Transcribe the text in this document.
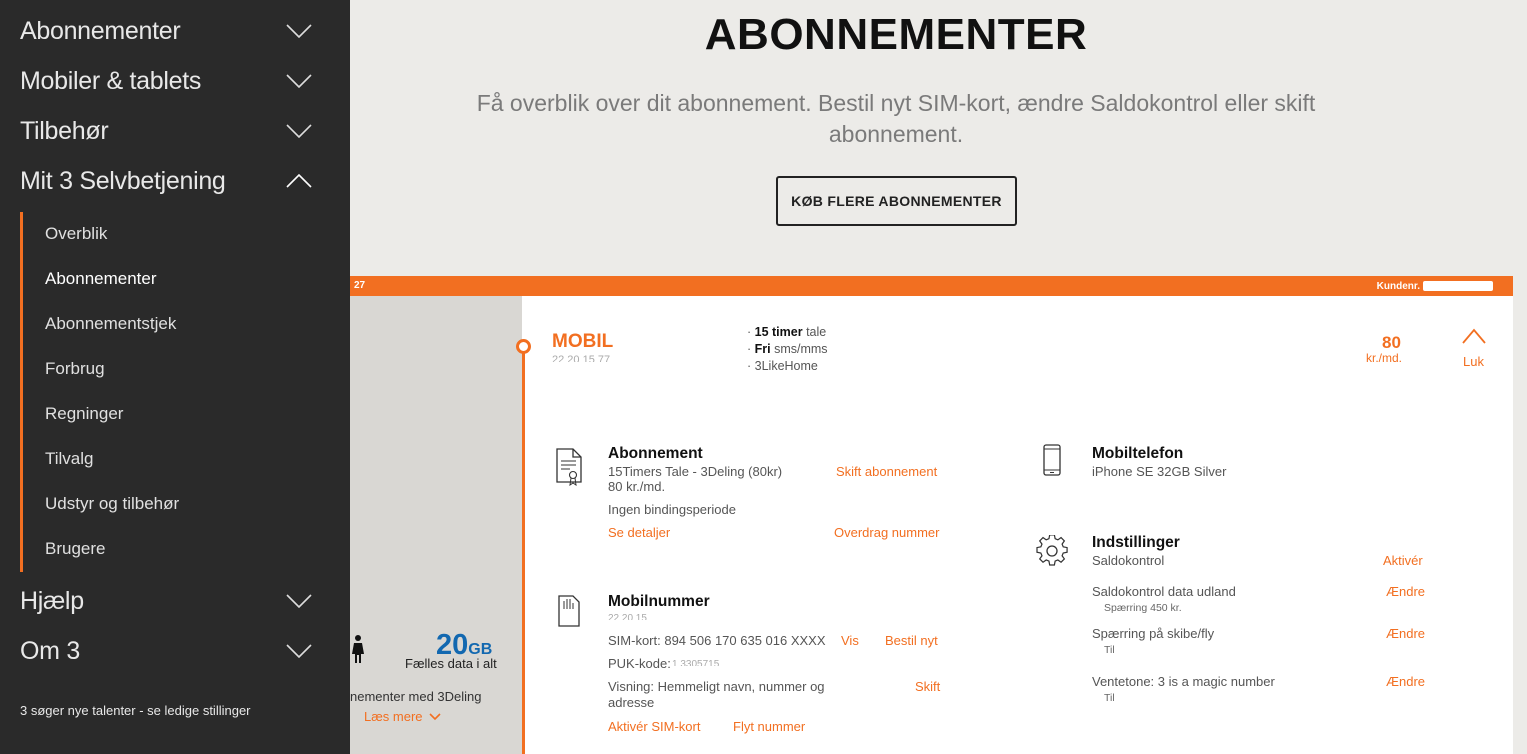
Abonnementer
Mobiler & tablets
Tilbehør
Mit 3 Selvbetjening
Overblik
Abonnementer
Abonnementstjek
Forbrug
Regninger
Tilvalg
Udstyr og tilbehør
Brugere
Hjælp
Om 3
3 søger nye talenter - se ledige stillinger
ABONNEMENTER

Få overblik over dit abonnement. Bestil nyt SIM-kort, ændre Saldokontrol eller skift abonnement.

KØB FLERE ABONNEMENTER
27	Kundenr.
20GB
Fælles data i alt
nementer med 3Deling
Læs mere
MOBIL
22 20 15 77
· 15 timer tale
· Fri sms/mms
· 3LikeHome
80
kr./md.	Luk
Abonnement
15Timers Tale - 3Deling (80kr)
80 kr./md.
Ingen bindingsperiode
Skift abonnement
Se detaljer	Overdrag nummer
Mobilnummer
22 20 15
SIM-kort: 894 506 170 635 016 XXXX Vis Bestil nyt
PUK-kode: 1 3305715
Visning: Hemmeligt navn, nummer og adresse
Skift
Aktivér SIM-kort	Flyt nummer
Mobiltelefon
iPhone SE 32GB Silver
Indstillinger
Saldokontrol	Aktivér
Saldokontrol data udland
Spærring 450 kr.
Ændre
Spærring på skibe/fly
Til
Ændre
Ventetone: 3 is a magic number
Til
Ændre
